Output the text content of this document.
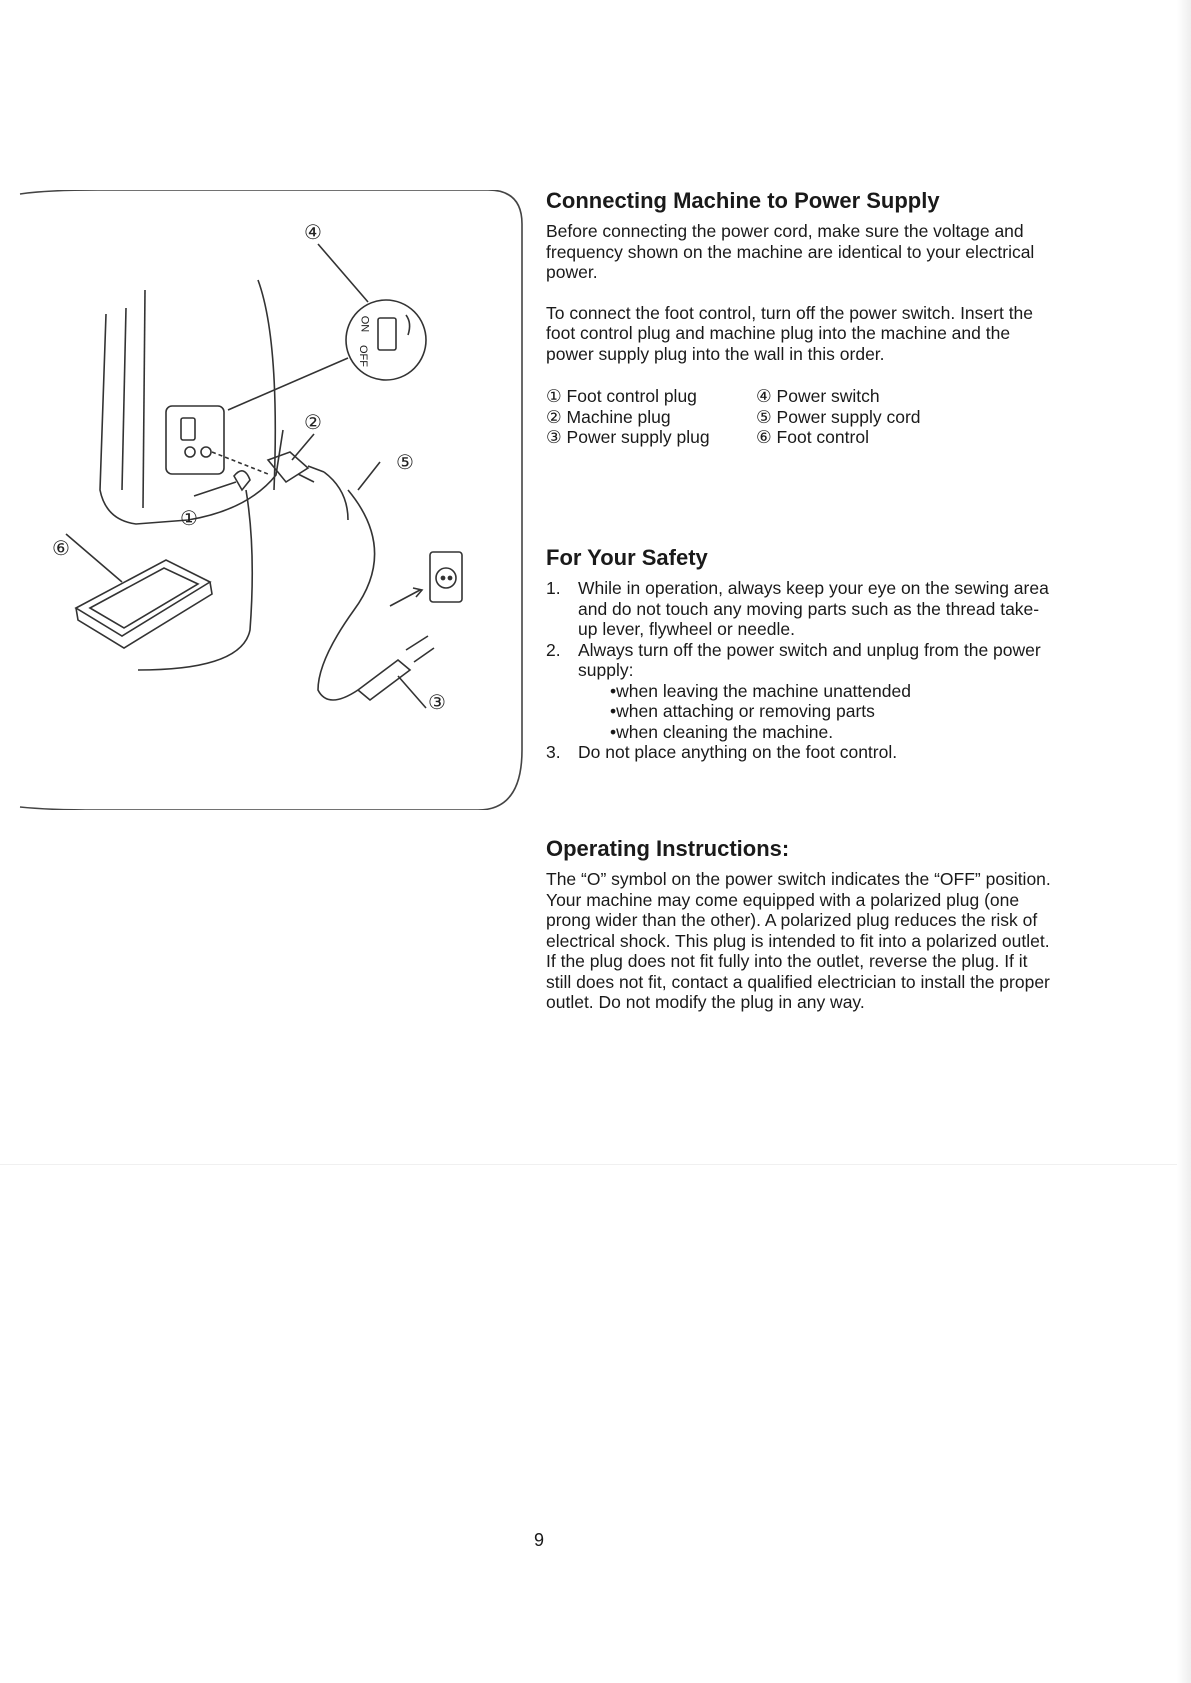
④
②
⑤
①
⑥
③
ON
OFF
Connecting Machine to Power Supply

Before connecting the power cord, make sure the voltage and frequency shown on the machine are identical to your electrical power.

To connect the foot control, turn off the power switch. Insert the foot control plug and machine plug into the machine and the power supply plug into the wall in this order.

① Foot control plug	④ Power switch
② Machine plug	⑤ Power supply cord
③ Power supply plug	⑥ Foot control
For Your Safety
1. While in operation, always keep your eye on the sewing area and do not touch any moving parts such as the thread take-up lever, flywheel or needle.
2. Always turn off the power switch and unplug from the power supply:
• when leaving the machine unattended
• when attaching or removing parts
• when cleaning the machine.
3. Do not place anything on the foot control.
Operating Instructions:

The “O” symbol on the power switch indicates the “OFF” position.

Your machine may come equipped with a polarized plug (one prong wider than the other). A polarized plug reduces the risk of electrical shock. This plug is intended to fit into a polarized outlet. If the plug does not fit fully into the outlet, reverse the plug. If it still does not fit, contact a qualified electrician to install the proper outlet. Do not modify the plug in any way.

9
